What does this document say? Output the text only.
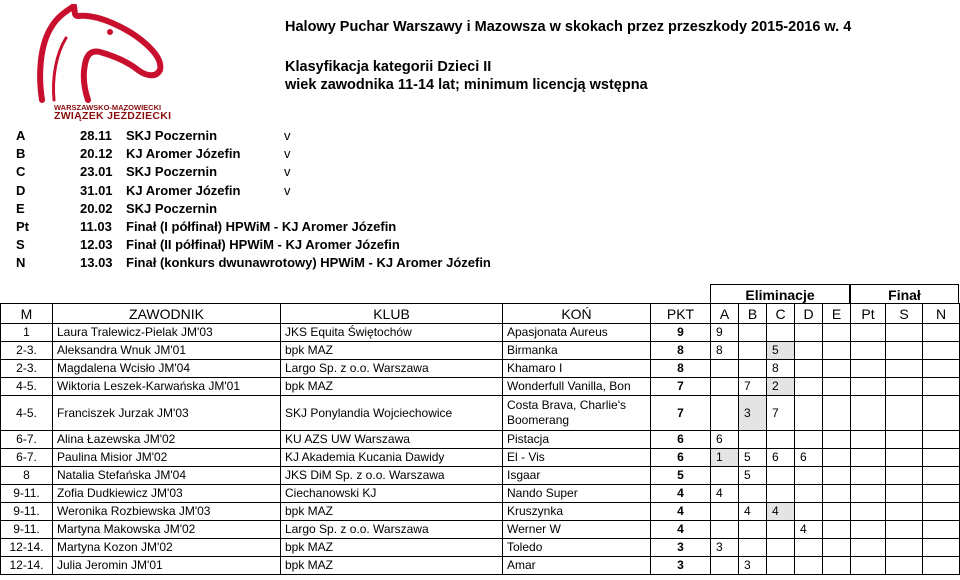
WARSZAWSKO-MAZOWIECKI
ZWIĄZEK JEŹDZIECKI
Halowy Puchar Warszawy i Mazowsza w skokach przez przeszkody 2015-2016 w. 4
Klasyfikacja kategorii Dzieci II
wiek zawodnika 11-14 lat; minimum licencją wstępna
A	28.11 SKJ Poczernin	v
B	20.12 KJ Aromer Józefin	v
C	23.01 SKJ Poczernin	v
D	31.01 KJ Aromer Józefin	v
E	20.02 SKJ Poczernin
Pt	11.03 Finał (I półfinał) HPWiM - KJ Aromer Józefin
S	12.03 Finał (II półfinał) HPWiM - KJ Aromer Józefin
N	13.03 Finał (konkurs dwunawrotowy) HPWiM - KJ Aromer Józefin
Eliminacje	Finał
M	ZAWODNIK	KLUB	KOŃ	PKT	A	B	C	D	E	Pt	S	N
1	Laura Tralewicz-Pielak JM'03	JKS Equita Świętochów	Apasjonata Aureus	9	9							
2-3.	Aleksandra Wnuk JM'01	bpk MAZ	Birmanka	8	8		5					
2-3.	Magdalena Wcisło JM'04	Largo Sp. z o.o. Warszawa	Khamaro I	8			8					
4-5.	Wiktoria Leszek-Karwańska JM'01	bpk MAZ	Wonderfull Vanilla, Bon	7		7	2					
4-5.	Franciszek Jurzak JM'03	SKJ Ponylandia Wojciechowice	Costa Brava, Charlie's
Boomerang	7		3	7					
6-7.	Alina Łazewska JM'02	KU AZS UW Warszawa	Pistacja	6	6							
6-7.	Paulina Misior JM'02	KJ Akademia Kucania Dawidy	El - Vis	6	1	5	6	6				
8	Natalia Stefańska JM'04	JKS DiM Sp. z o.o. Warszawa	Isgaar	5		5						
9-11.	Zofia Dudkiewicz JM'03	Ciechanowski KJ	Nando Super	4	4							
9-11.	Weronika Rozbiewska JM'03	bpk MAZ	Kruszynka	4		4	4					
9-11.	Martyna Makowska JM'02	Largo Sp. z o.o. Warszawa	Werner W	4				4				
12-14.	Martyna Kozon JM'02	bpk MAZ	Toledo	3	3							
12-14.	Julia Jeromin JM'01	bpk MAZ	Amar	3		3						
